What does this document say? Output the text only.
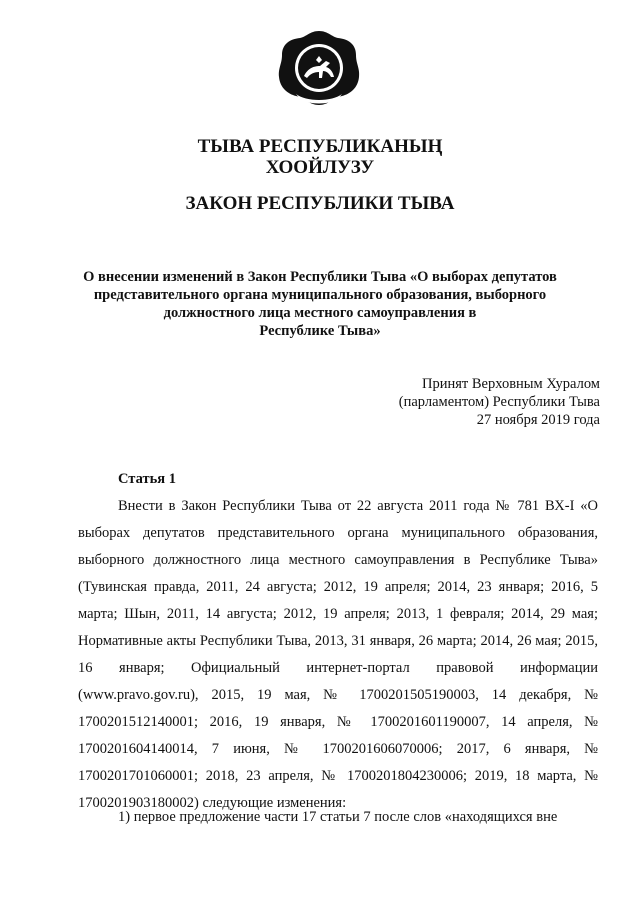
ТЫВА РЕСПУБЛИКАНЫҢ
ХООЙЛУЗУ
ЗАКОН РЕСПУБЛИКИ ТЫВА
О внесении изменений в Закон Республики Тыва «О выборах депутатов
представительного органа муниципального образования, выборного
должностного лица местного самоуправления в
Республике Тыва»
Принят Верховным Хуралом
(парламентом) Республики Тыва
27 ноября 2019 года
Статья 1

Внести в Закон Республики Тыва от 22 августа 2011 года № 781 ВХ-I «О выборах депутатов представительного органа муниципального образования, выборного должностного лица местного самоуправления в Республике Тыва» (Тувинская правда, 2011, 24 августа; 2012, 19 апреля; 2014, 23 января; 2016, 5 марта; Шын, 2011, 14 августа; 2012, 19 апреля; 2013, 1 февраля; 2014, 29 мая; Нормативные акты Республики Тыва, 2013, 31 января, 26 марта; 2014, 26 мая; 2015, 16 января; Официальный интернет-портал правовой информации (www.pravo.gov.ru), 2015, 19 мая, № 1700201505190003, 14 декабря, № 1700201512140001; 2016, 19 января, № 1700201601190007, 14 апреля, № 1700201604140014, 7 июня, № 1700201606070006; 2017, 6 января, № 1700201701060001; 2018, 23 апреля, № 1700201804230006; 2019, 18 марта, № 1700201903180002) следующие изменения:

1) первое предложение части 17 статьи 7 после слов «находящихся вне
